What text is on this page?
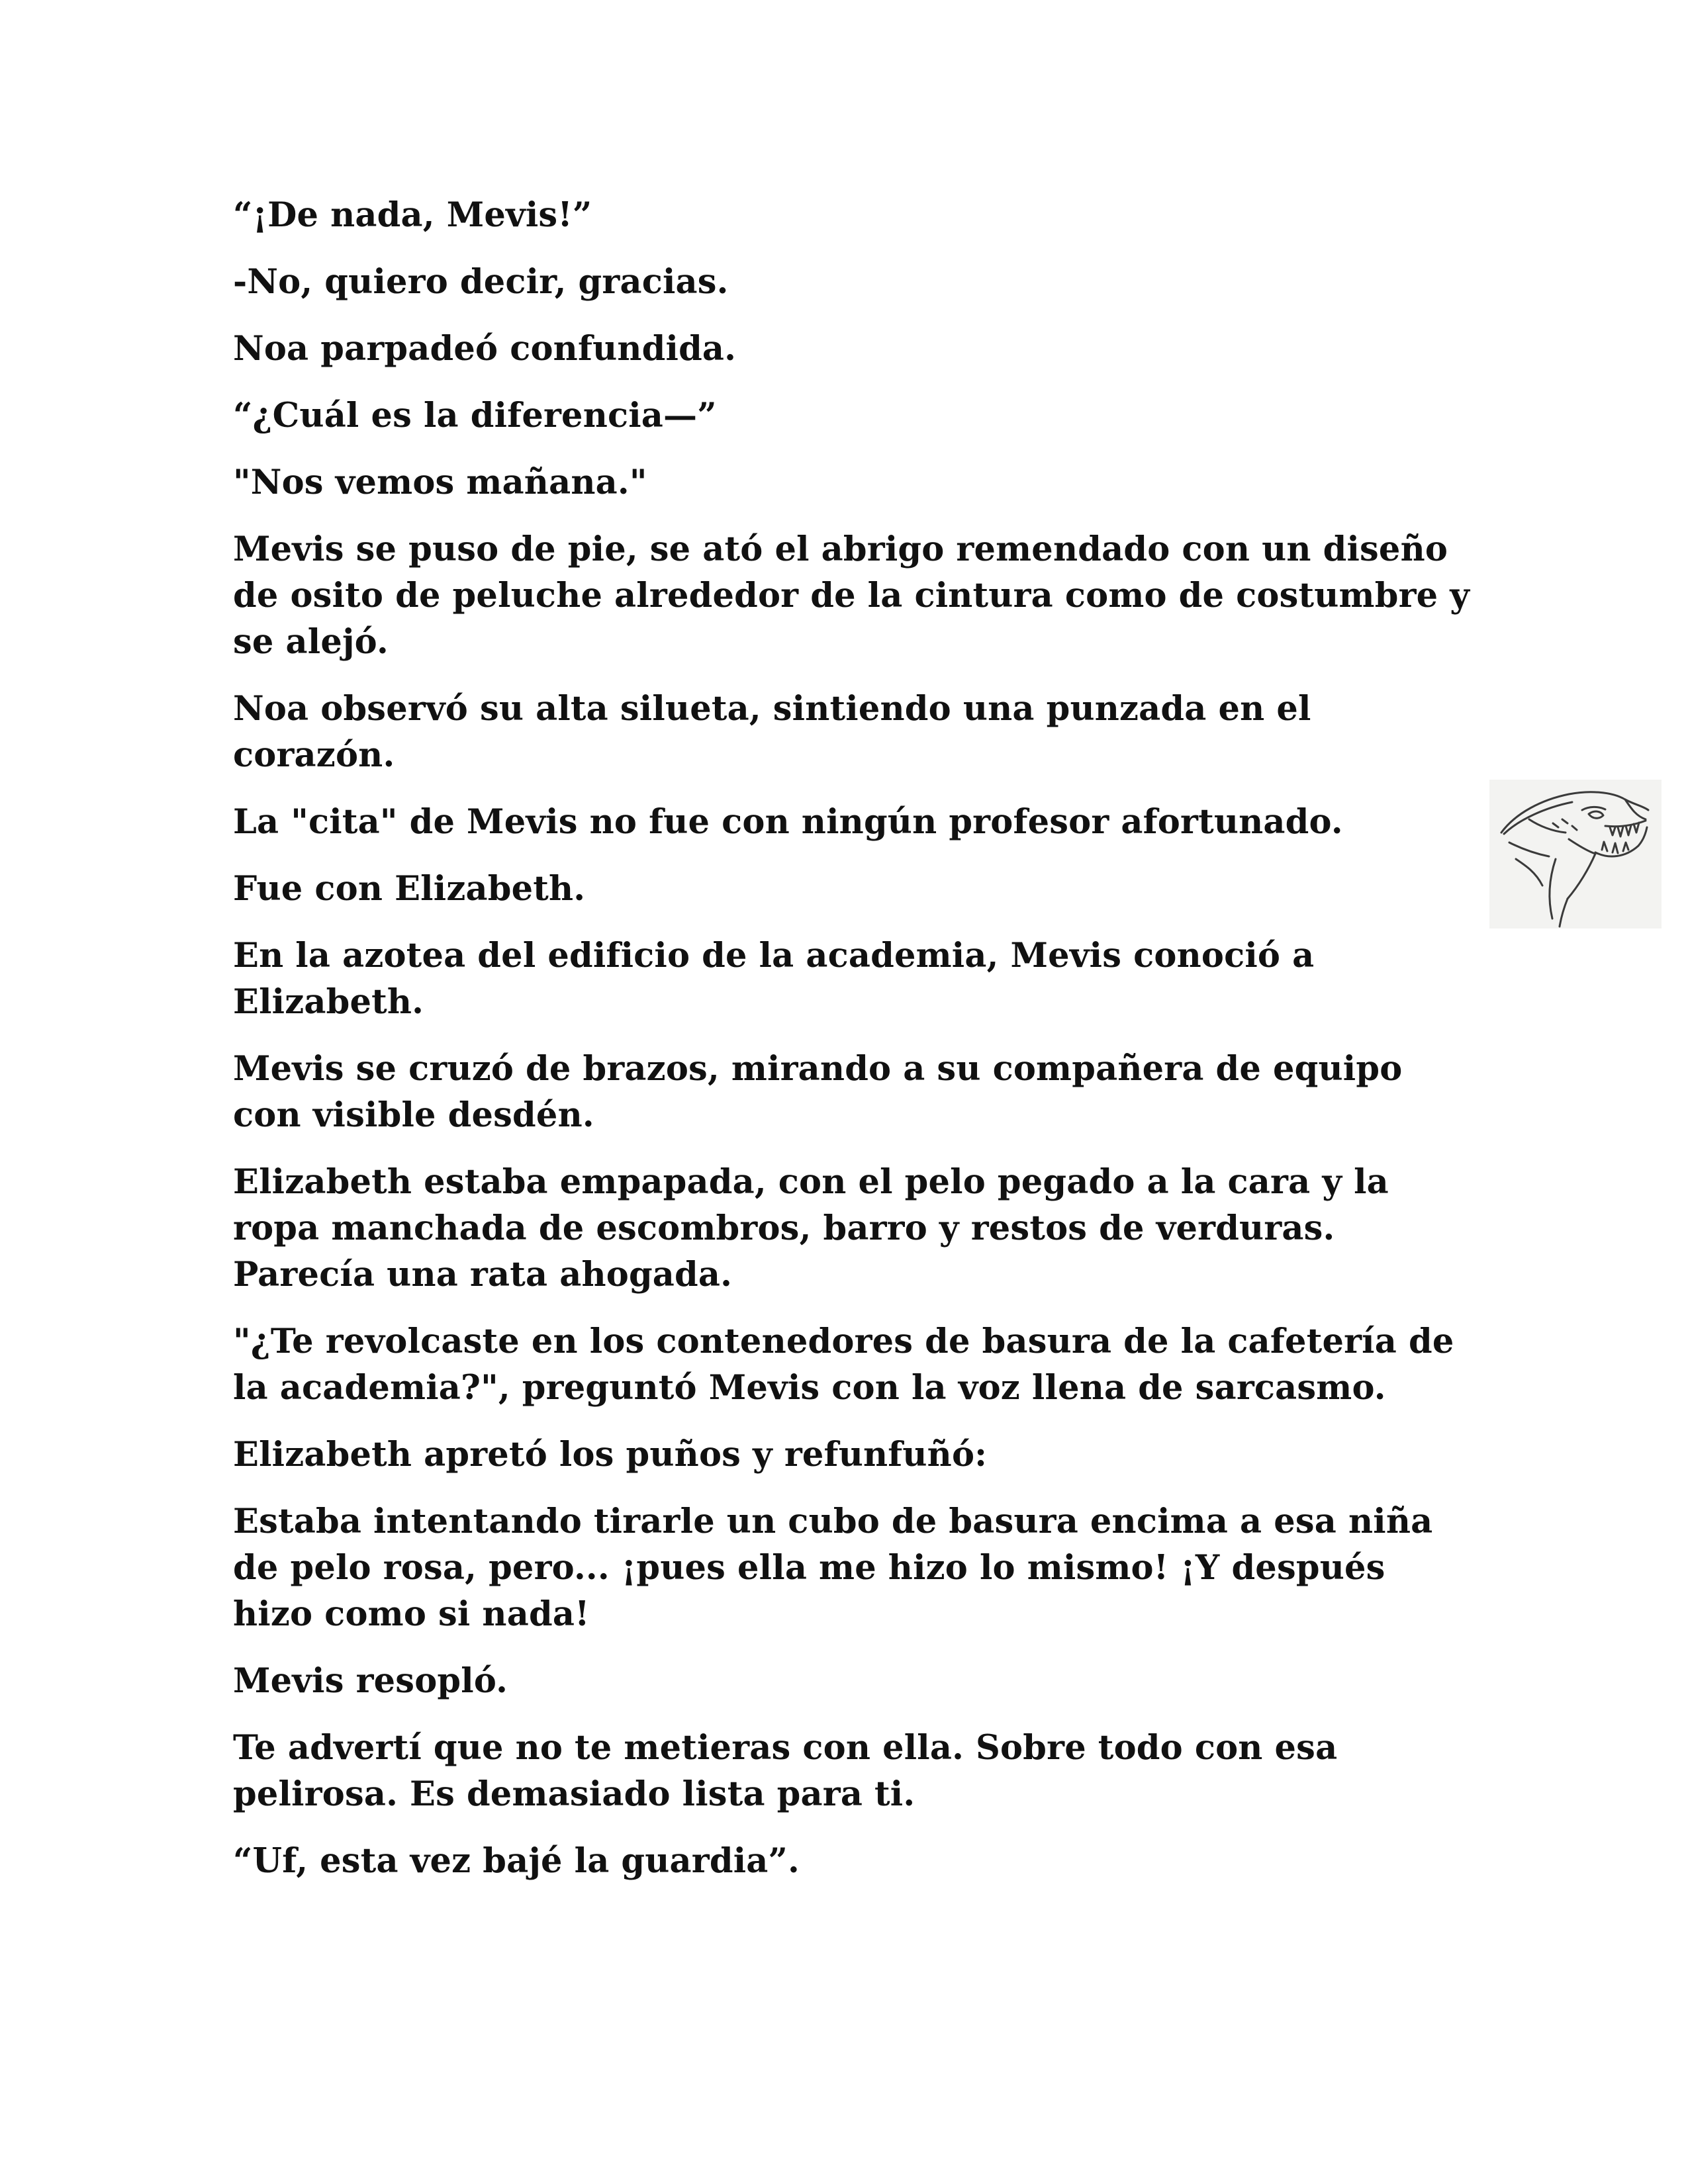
“¡De nada, Mevis!”

-No, quiero decir, gracias.

Noa parpadeó confundida.

“¿Cuál es la diferencia—”

"Nos vemos mañana."

Mevis se puso de pie, se ató el abrigo remendado con un diseño de osito de peluche alrededor de la cintura como de costumbre y se alejó.

Noa observó su alta silueta, sintiendo una punzada en el corazón.

La "cita" de Mevis no fue con ningún profesor afortunado.

Fue con Elizabeth.

En la azotea del edificio de la academia, Mevis conoció a Elizabeth.

Mevis se cruzó de brazos, mirando a su compañera de equipo con visible desdén.

Elizabeth estaba empapada, con el pelo pegado a la cara y la ropa manchada de escombros, barro y restos de verduras. Parecía una rata ahogada.

"¿Te revolcaste en los contenedores de basura de la cafetería de la academia?", preguntó Mevis con la voz llena de sarcasmo.

Elizabeth apretó los puños y refunfuñó:

Estaba intentando tirarle un cubo de basura encima a esa niña de pelo rosa, pero... ¡pues ella me hizo lo mismo! ¡Y después hizo como si nada!

Mevis resopló.

Te advertí que no te metieras con ella. Sobre todo con esa pelirosa. Es demasiado lista para ti.

“Uf, esta vez bajé la guardia”.
